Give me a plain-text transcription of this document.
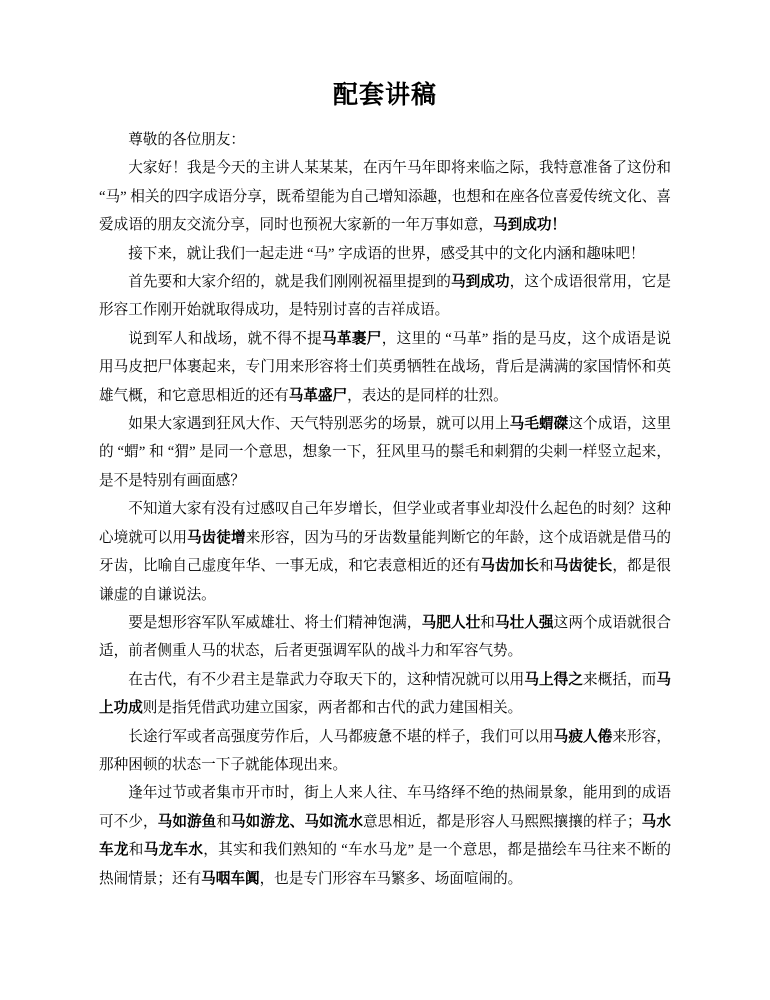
配套讲稿

尊敬的各位朋友：

大家好！我是今天的主讲人某某某，在丙午马年即将来临之际，我特意准备了这份和 “马” 相关的四字成语分享，既希望能为自己增知添趣，也想和在座各位喜爱传统文化、喜爱成语的朋友交流分享，同时也预祝大家新的一年万事如意，马到成功！

接下来，就让我们一起走进 “马” 字成语的世界，感受其中的文化内涵和趣味吧！

首先要和大家介绍的，就是我们刚刚祝福里提到的马到成功，这个成语很常用，它是形容工作刚开始就取得成功，是特别讨喜的吉祥成语。

说到军人和战场，就不得不提马革裹尸，这里的 “马革” 指的是马皮，这个成语是说用马皮把尸体裹起来，专门用来形容将士们英勇牺牲在战场，背后是满满的家国情怀和英雄气概，和它意思相近的还有马革盛尸，表达的是同样的壮烈。

如果大家遇到狂风大作、天气特别恶劣的场景，就可以用上马毛蝟磔这个成语，这里的 “蝟” 和 “猬” 是同一个意思，想象一下，狂风里马的鬃毛和刺猬的尖刺一样竖立起来，是不是特别有画面感？

不知道大家有没有过感叹自己年岁增长，但学业或者事业却没什么起色的时刻？这种心境就可以用马齿徒增来形容，因为马的牙齿数量能判断它的年龄，这个成语就是借马的牙齿，比喻自己虚度年华、一事无成，和它表意相近的还有马齿加长和马齿徒长，都是很谦虚的自谦说法。

要是想形容军队军威雄壮、将士们精神饱满，马肥人壮和马壮人强这两个成语就很合适，前者侧重人马的状态，后者更强调军队的战斗力和军容气势。

在古代，有不少君主是靠武力夺取天下的，这种情况就可以用马上得之来概括，而马上功成则是指凭借武功建立国家，两者都和古代的武力建国相关。

长途行军或者高强度劳作后，人马都疲惫不堪的样子，我们可以用马疲人倦来形容，那种困顿的状态一下子就能体现出来。

逢年过节或者集市开市时，街上人来人往、车马络绎不绝的热闹景象，能用到的成语可不少，马如游鱼和马如游龙、马如流水意思相近，都是形容人马熙熙攘攘的样子；马水车龙和马龙车水，其实和我们熟知的 “车水马龙” 是一个意思，都是描绘车马往来不断的热闹情景；还有马咽车阗，也是专门形容车马繁多、场面喧闹的。
